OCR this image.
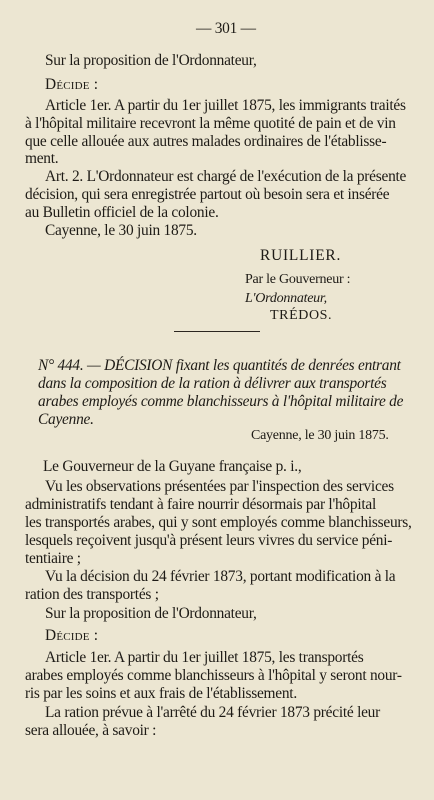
— 301 —
Sur la proposition de l'Ordonnateur,
Décide :
Article 1er. A partir du 1er juillet 1875, les immigrants traités
à l'hôpital militaire recevront la même quotité de pain et de vin
que celle allouée aux autres malades ordinaires de l'établisse-
ment.
Art. 2. L'Ordonnateur est chargé de l'exécution de la présente
décision, qui sera enregistrée partout où besoin sera et insérée
au Bulletin officiel de la colonie.
Cayenne, le 30 juin 1875.
RUILLIER.
Par le Gouverneur :
L'Ordonnateur,
TRÉDOS.
N° 444. — DÉCISION fixant les quantités de denrées entrant
dans la composition de la ration à délivrer aux transportés
arabes employés comme blanchisseurs à l'hôpital militaire de
Cayenne.
Cayenne, le 30 juin 1875.
Le Gouverneur de la Guyane française p. i.,
Vu les observations présentées par l'inspection des services
administratifs tendant à faire nourrir désormais par l'hôpital
les transportés arabes, qui y sont employés comme blanchisseurs,
lesquels reçoivent jusqu'à présent leurs vivres du service péni-
tentiaire ;
Vu la décision du 24 février 1873, portant modification à la
ration des transportés ;
Sur la proposition de l'Ordonnateur,
Décide :
Article 1er. A partir du 1er juillet 1875, les transportés
arabes employés comme blanchisseurs à l'hôpital y seront nour-
ris par les soins et aux frais de l'établissement.
La ration prévue à l'arrêté du 24 février 1873 précité leur
sera allouée, à savoir :
